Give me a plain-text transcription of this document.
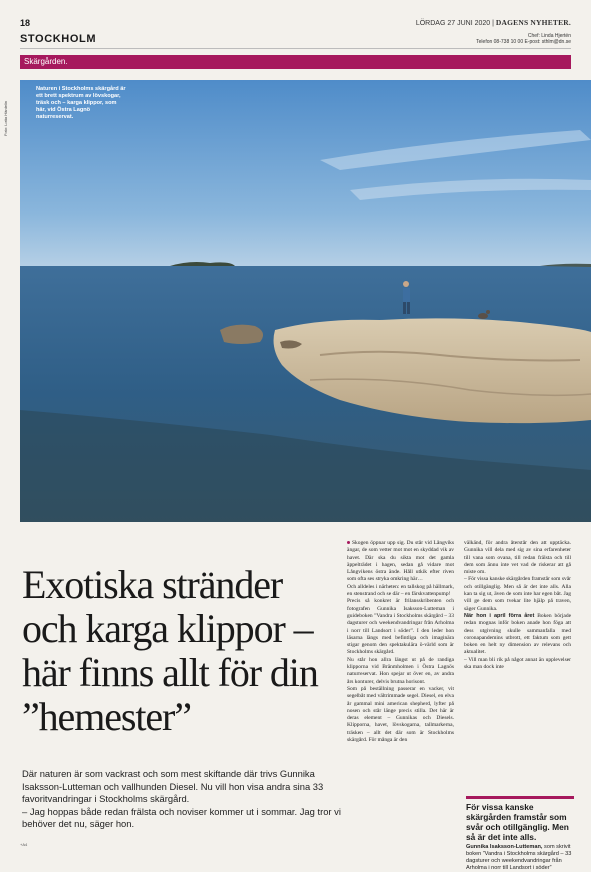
18	LÖRDAG 27 JUNI 2020 | DAGENS NYHETER.
STOCKHOLM	Chef: Linda Hjertén
Telefon 08-738 10 00 E-post: sthlm@dn.se
Skärgården.
Naturen i Stockholms skärgård är ett brett spektrum av lövskogar, träsk och – karga klippor, som här, vid Östra Lagnö naturreservat.
Foto: Lotta Härdelin
Exotiska stränder och karga klippor – här finns allt för din ”hemester”
Där naturen är som vackrast och som mest skiftande där trivs Gunnika Isaksson-Lutteman och vallhunden Diesel. Nu vill hon visa andra sina 33 favoritvandringar i Stockholms skärgård.
– Jag hoppas både redan frälsta och noviser kommer ut i sommar. Jag tror vi behöver det nu, säger hon.

Skogen öppnar upp sig. Du står vid Långviks ängar, de som vetter mot mot en skyddad vik av havet. Där ska du sikta mot det gamla äppelträdet i hagen, sedan gå vidare mot Långvikens östra ände. Håll utkik efter riven som ofta ses stryka omkring här…

Och alldeles i närheten: en tallskog på hällmark, en stenstrand och se där – en färskvattenpump!

Precis så konkret är frilansskribenten och fotografen Gunnika Isaksson-Lutteman i guideboken ”Vandra i Stockholms skärgård – 33 dagsturer och weekendvandringar från Arholma i norr till Landsort i söder”. I den leder hon läsarna längs med befintliga och imaginära stigar genom den spektakulära ö-värld som är Stockholms skärgård.

Nu står hon allra längst ut på de randiga klipporna vid Bränmholmen i Östra Lagnös naturreservat. Hon spejar ut över en, av andra års konturer, delvis brutna horisont.

Som på beställning passerar en vacker, vit segelbåt med vältrimmade segel. Diesel, en elva år gammal mini american shepherd, lyfter på nosen och står länge precis stilla. Det här är deras element – Gunnikas och Diesels. Klipporna, havet, lövskogarna, tallmarkerna, träsken – allt det där som är Stockholms skärgård. För många är den

välkänd, för andra återstår den att upptäcka. Gunnika vill dela med sig av sina erfarenheter till vana som ovana, till redan frälsta och till dem som ännu inte vet vad de riskerar att gå miste om.

– För vissa kanske skärgården framstår som svår och otillgänglig. Men så är det inte alls. Alla kan ta sig ut, även de som inte har egen båt. Jag vill ge dem som tvekar lite hjälp på traven, säger Gunnika.

När hon i april förra året Boken började redan mognas inför boken anade hon föga att dess utgivning skulle sammanfalla med coronapandemins utbrott, ett faktum som gett boken en helt ny dimension av relevans och aktualitet.

– Vill man bli rik på något annat än upplevelser ska man dock inte

För vissa kanske skärgården framstår som svår och otillgänglig. Men så är det inte alls.
Gunnika Isaksson-Lutteman, som skrivit boken ”Vandra i Stockholms skärgård – 33 dagsturer och weekendvandringar från Arholma i norr till Landsort i söder”
+A4
